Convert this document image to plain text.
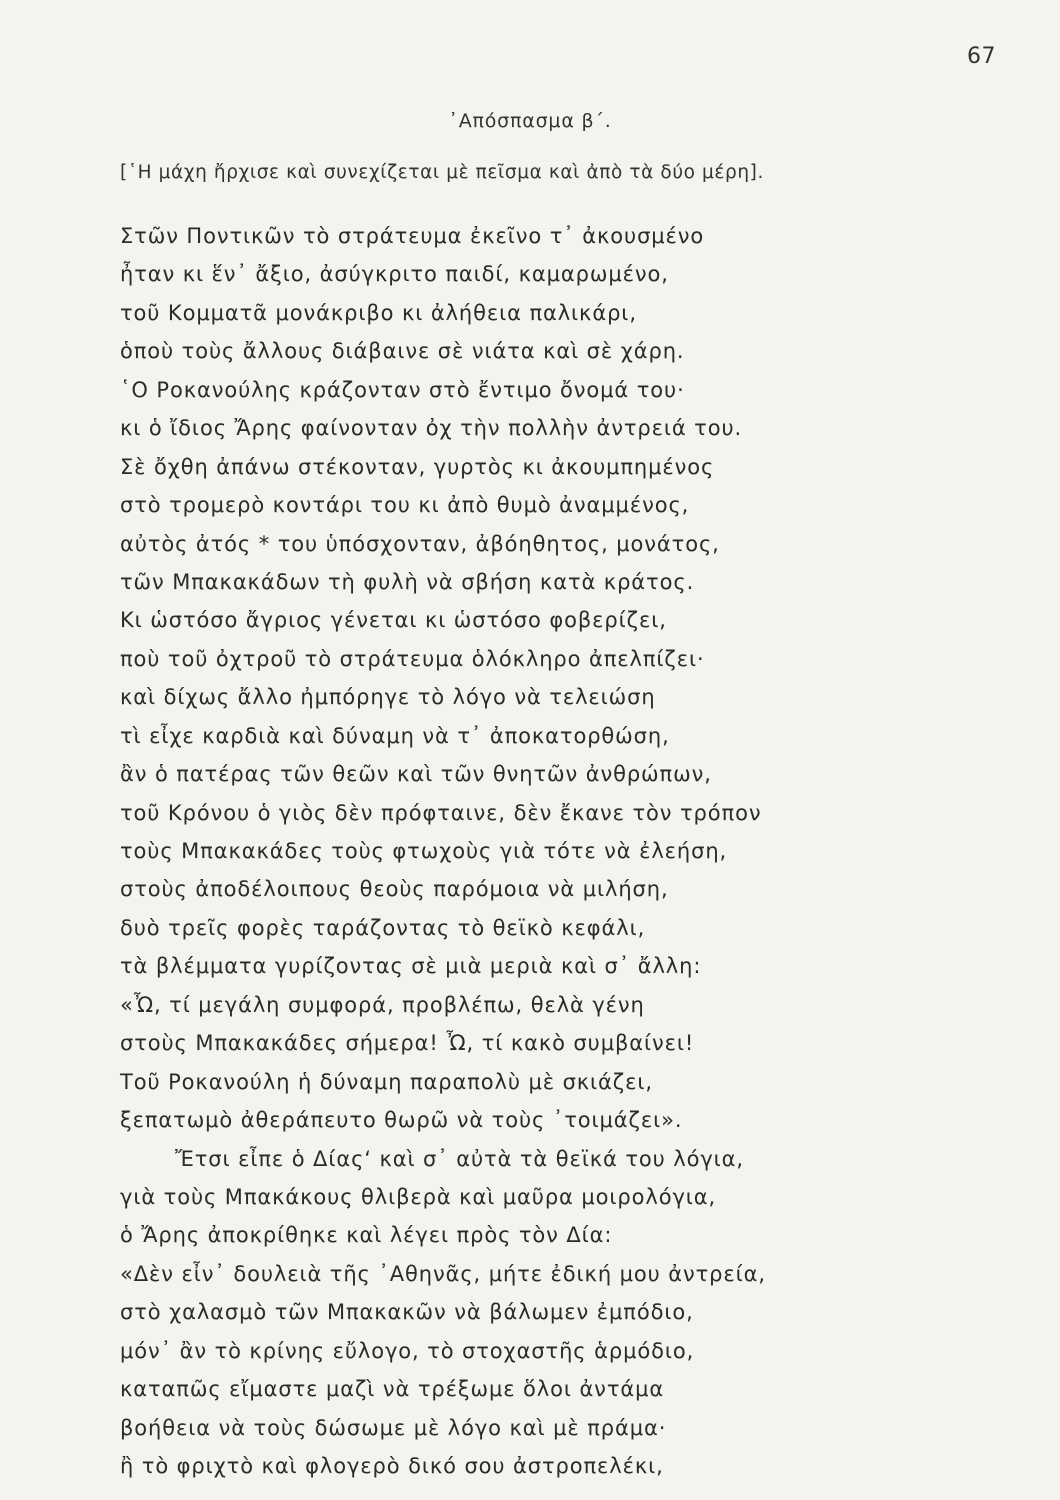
67
᾿Απόσπασμα β΄.
[῾Η μάχη ἤρχισε καὶ συνεχίζεται μὲ πεῖσμα καὶ ἀπὸ τὰ δύο μέρη].
Στῶν Ποντικῶν τὸ στράτευμα ἐκεῖνο τ᾿ ἀκουσμένο
ἦταν κι ἕν᾿ ἄξιο, ἀσύγκριτο παιδί, καμαρωμένο,
τοῦ Κομματᾶ μονάκριβο κι ἀλήθεια παλικάρι,
ὁποὺ τοὺς ἄλλους διάβαινε σὲ νιάτα καὶ σὲ χάρη.
῾Ο Ροκανούλης κράζονταν στὸ ἔντιμο ὄνομά του·
κι ὁ ἴδιος Ἄρης φαίνονταν ὀχ τὴν πολλὴν ἀντρειά του.
Σὲ ὄχθη ἀπάνω στέκονταν, γυρτὸς κι ἀκουμπημένος
στὸ τρομερὸ κοντάρι του κι ἀπὸ θυμὸ ἀναμμένος,
αὐτὸς ἀτός * του ὑπόσχονταν, ἀβόηθητος, μονάτος,
τῶν Μπακακάδων τὴ φυλὴ νὰ σβήση κατὰ κράτος.
Κι ὡστόσο ἄγριος γένεται κι ὡστόσο φοβερίζει,
ποὺ τοῦ ὀχτροῦ τὸ στράτευμα ὁλόκληρο ἀπελπίζει·
καὶ δίχως ἄλλο ἠμπόρηγε τὸ λόγο νὰ τελειώση
τὶ εἶχε καρδιὰ καὶ δύναμη νὰ τ᾿ ἀποκατορθώση,
ἂν ὁ πατέρας τῶν θεῶν καὶ τῶν θνητῶν ἀνθρώπων,
τοῦ Κρόνου ὁ γιὸς δὲν πρόφταινε, δὲν ἔκανε τὸν τρόπον
τοὺς Μπακακάδες τοὺς φτωχοὺς γιὰ τότε νὰ ἐλεήση,
στοὺς ἀποδέλοιπους θεοὺς παρόμοια νὰ μιλήση,
δυὸ τρεῖς φορὲς ταράζοντας τὸ θεϊκὸ κεφάλι,
τὰ βλέμματα γυρίζοντας σὲ μιὰ μεριὰ καὶ σ᾿ ἄλλη:
«Ὦ, τί μεγάλη συμφορά, προβλέπω, θελὰ γένη
στοὺς Μπακακάδες σήμερα! Ὦ, τί κακὸ συμβαίνει!
Τοῦ Ροκανούλη ἡ δύναμη παραπολὺ μὲ σκιάζει,
ξεπατωμὸ ἀθεράπευτο θωρῶ νὰ τοὺς ᾿τοιμάζει».
Ἔτσι εἶπε ὁ Δίας‘ καὶ σ᾿ αὐτὰ τὰ θεϊκά του λόγια,
γιὰ τοὺς Μπακάκους θλιβερὰ καὶ μαῦρα μοιρολόγια,
ὁ Ἄρης ἀποκρίθηκε καὶ λέγει πρὸς τὸν Δία:
«Δὲν εἶν᾿ δουλειὰ τῆς ᾿Αθηνᾶς, μήτε ἐδική μου ἀντρεία,
στὸ χαλασμὸ τῶν Μπακακῶν νὰ βάλωμεν ἐμπόδιο,
μόν᾿ ἂν τὸ κρίνης εὔλογο, τὸ στοχαστῆς ἁρμόδιο,
καταπῶς εἴμαστε μαζὶ νὰ τρέξωμε ὅλοι ἀντάμα
βοήθεια νὰ τοὺς δώσωμε μὲ λόγο καὶ μὲ πράμα·
ἢ τὸ φριχτὸ καὶ φλογερὸ δικό σου ἀστροπελέκι,
